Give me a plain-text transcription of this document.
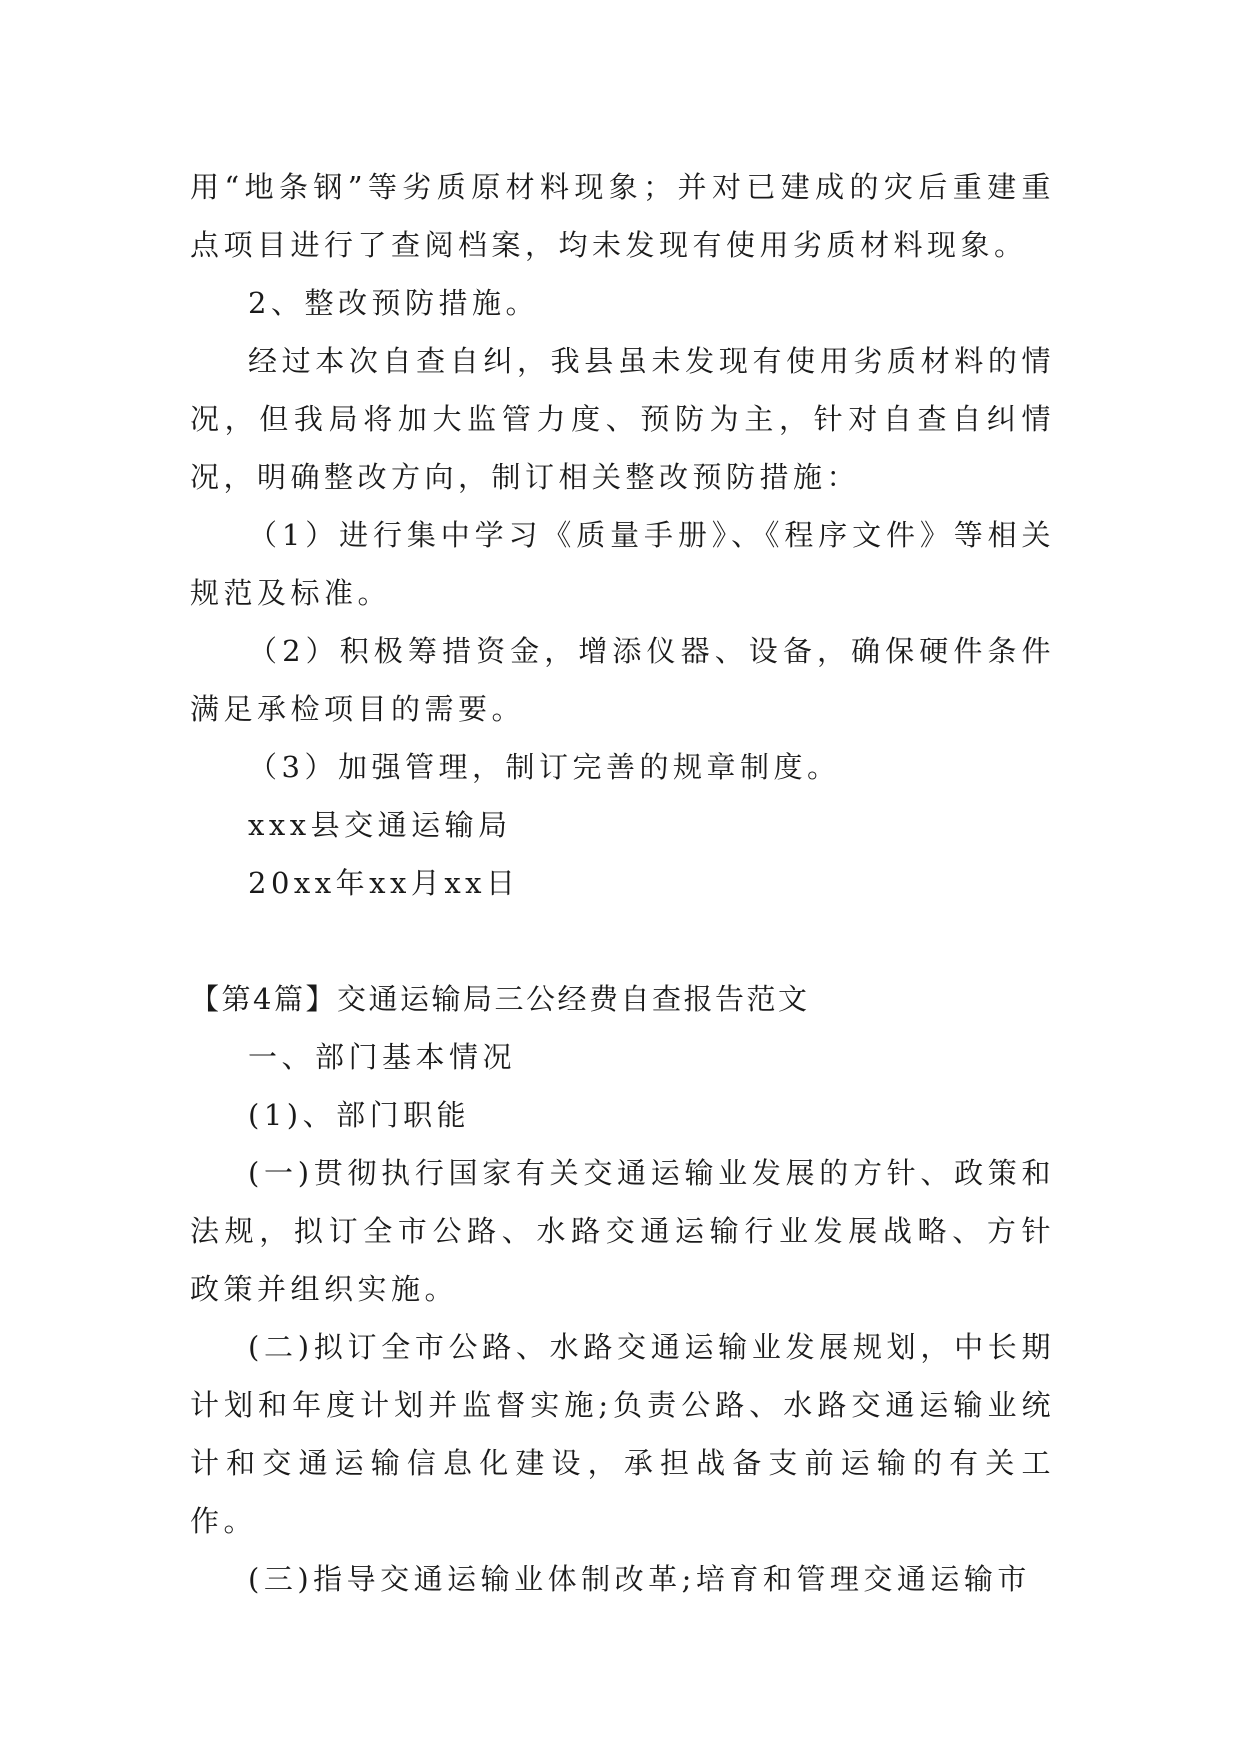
用“地条钢”等劣质原材料现象；并对已建成的灾后重建重点项目进行了查阅档案，均未发现有使用劣质材料现象。

2、整改预防措施。

经过本次自查自纠，我县虽未发现有使用劣质材料的情况，但我局将加大监管力度、预防为主，针对自查自纠情况，明确整改方向，制订相关整改预防措施：

（1）进行集中学习《质量手册》、《程序文件》等相关规范及标准。

（2）积极筹措资金，增添仪器、设备，确保硬件条件满足承检项目的需要。

（3）加强管理，制订完善的规章制度。

xxx县交通运输局

20xx年xx月xx日

【第4篇】交通运输局三公经费自查报告范文

一、部门基本情况

(1)、部门职能

(一)贯彻执行国家有关交通运输业发展的方针、政策和法规，拟订全市公路、水路交通运输行业发展战略、方针政策并组织实施。

(二)拟订全市公路、水路交通运输业发展规划，中长期计划和年度计划并监督实施;负责公路、水路交通运输业统计和交通运输信息化建设，承担战备支前运输的有关工作。

(三)指导交通运输业体制改革;培育和管理交通运输市
